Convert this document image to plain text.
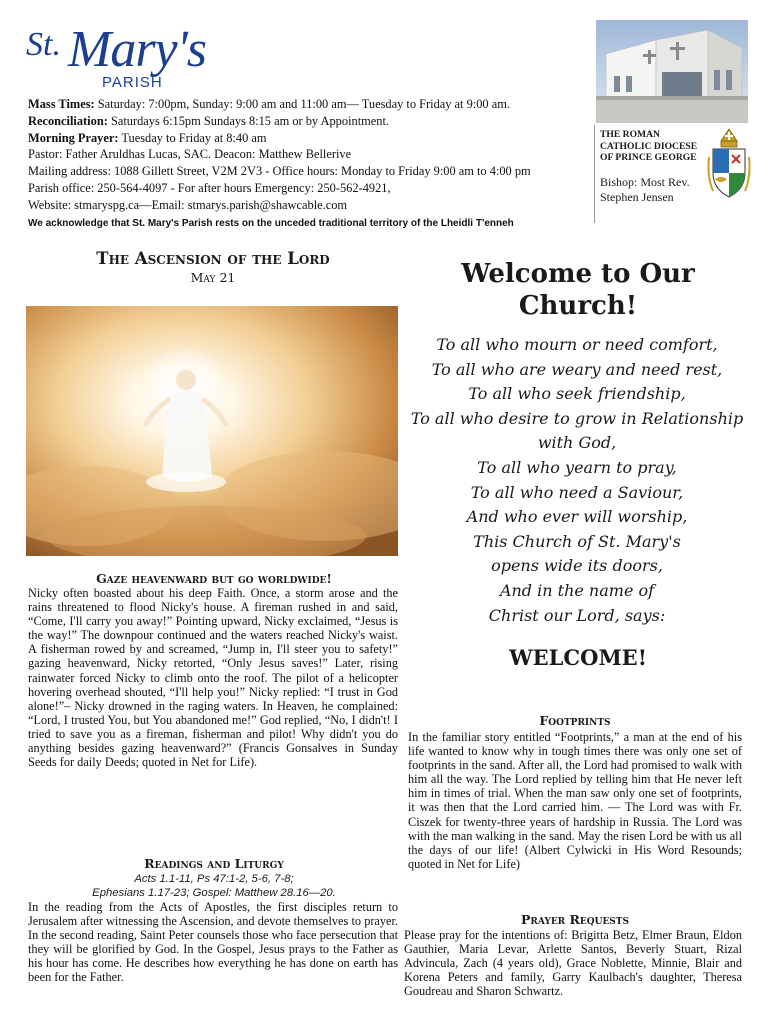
St. Mary's
PARISH
Mass Times: Saturday: 7:00pm, Sunday: 9:00 am and 11:00 am— Tuesday to Friday at 9:00 am.
Reconciliation: Saturdays 6:15pm Sundays 8:15 am or by Appointment.
Morning Prayer: Tuesday to Friday at 8:40 am
Pastor: Father Aruldhas Lucas, SAC. Deacon: Matthew Bellerive
Mailing address: 1088 Gillett Street, V2M 2V3 - Office hours: Monday to Friday 9:00 am to 4:00 pm
Parish office: 250-564-4097 - For after hours Emergency: 250-562-4921,
Website: stmaryspg.ca—Email: stmarys.parish@shawcable.com
We acknowledge that St. Mary's Parish rests on the unceded traditional territory of the Lheidli T'enneh
THE ROMAN CATHOLIC DIOCESE OF PRINCE GEORGE
Bishop: Most Rev. Stephen Jensen
The Ascension of the Lord
May 21
Gaze heavenward but go worldwide!
Nicky often boasted about his deep Faith. Once, a storm arose and the rains threatened to flood Nicky's house. A fireman rushed in and said, “Come, I'll carry you away!” Pointing upward, Nicky exclaimed, “Jesus is the way!” The downpour continued and the waters reached Nicky's waist. A fisherman rowed by and screamed, “Jump in, I'll steer you to safety!” gazing heavenward, Nicky retorted, “Only Jesus saves!” Later, rising rainwater forced Nicky to climb onto the roof. The pilot of a helicopter hovering overhead shouted, “I'll help you!” Nicky replied: “I trust in God alone!”– Nicky drowned in the raging waters. In Heaven, he complained: “Lord, I trusted You, but You abandoned me!” God replied, “No, I didn't! I tried to save you as a fireman, fisherman and pilot! Why didn't you do anything besides gazing heavenward?” (Francis Gonsalves in Sunday Seeds for daily Deeds; quoted in Net for Life).
Readings and Liturgy
Acts 1.1-11, Ps 47:1-2, 5-6, 7-8;
Ephesians 1.17-23; Gospel: Matthew 28.16—20.
In the reading from the Acts of Apostles, the first disciples return to Jerusalem after witnessing the Ascension, and devote themselves to prayer. In the second reading, Saint Peter counsels those who face persecution that they will be glorified by God. In the Gospel, Jesus prays to the Father as his hour has come. He describes how everything he has done on earth has been for the Father.
Welcome to Our
Church!
To all who mourn or need comfort,
To all who are weary and need rest,
To all who seek friendship,
To all who desire to grow in Relationship
with God,
To all who yearn to pray,
To all who need a Saviour,
And who ever will worship,
This Church of St. Mary's
opens wide its doors,
And in the name of
Christ our Lord, says:
WELCOME!
Footprints
In the familiar story entitled “Footprints,” a man at the end of his life wanted to know why in tough times there was only one set of footprints in the sand. After all, the Lord had promised to walk with him all the way. The Lord replied by telling him that He never left him in times of trial. When the man saw only one set of footprints, it was then that the Lord carried him. — The Lord was with Fr. Ciszek for twenty-three years of hardship in Russia. The Lord was with the man walking in the sand. May the risen Lord be with us all the days of our life! (Albert Cylwicki in His Word Resounds; quoted in Net for Life)
Prayer Requests
Please pray for the intentions of: Brigitta Betz, Elmer Braun, Eldon Gauthier, Maria Levar, Arlette Santos, Beverly Stuart, Rizal Advincula, Zach (4 years old), Grace Noblette, Minnie, Blair and Korena Peters and family, Garry Kaulbach's daughter, Theresa Goudreau and Sharon Schwartz.
